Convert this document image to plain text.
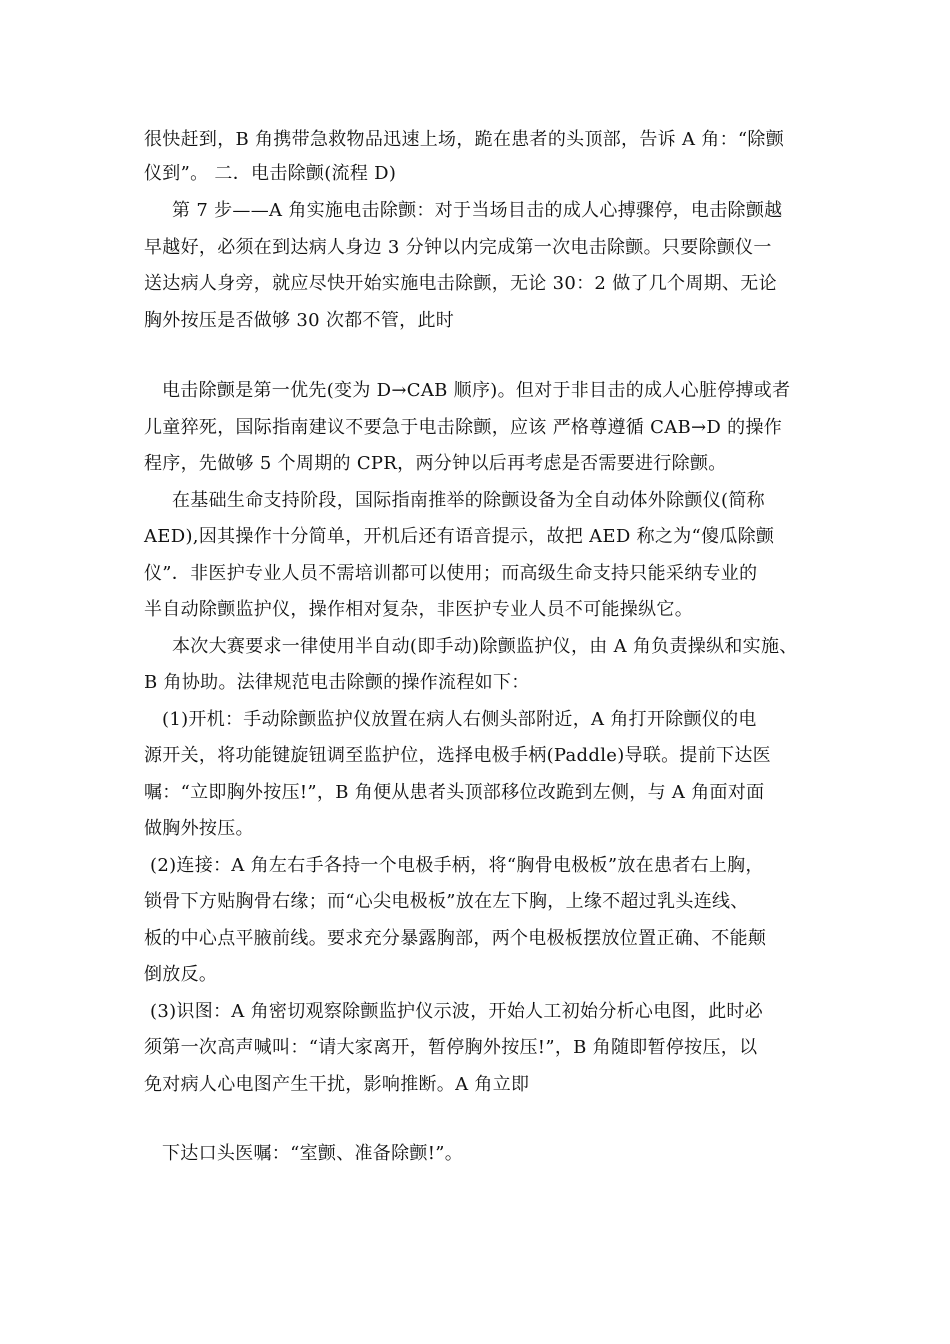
很快赶到，B 角携带急救物品迅速上场，跪在患者的头顶部，告诉 A 角：“除颤
仪到”。 二．电击除颤(流程 D)
第 7 步——A 角实施电击除颤：对于当场目击的成人心搏骤停，电击除颤越
早越好，必须在到达病人身边 3 分钟以内完成第一次电击除颤。只要除颤仪一
送达病人身旁，就应尽快开始实施电击除颤，无论 30：2 做了几个周期、无论
胸外按压是否做够 30 次都不管，此时
电击除颤是第一优先(变为 D→CAB 顺序)。但对于非目击的成人心脏停搏或者
儿童猝死，国际指南建议不要急于电击除颤，应该 严格尊遵循 CAB→D 的操作
程序，先做够 5 个周期的 CPR，两分钟以后再考虑是否需要进行除颤。
在基础生命支持阶段，国际指南推举的除颤设备为全自动体外除颤仪(简称
AED),因其操作十分简单，开机后还有语音提示，故把 AED 称之为“傻瓜除颤
仪”．非医护专业人员不需培训都可以使用；而高级生命支持只能采纳专业的
半自动除颤监护仪，操作相对复杂，非医护专业人员不可能操纵它。
本次大赛要求一律使用半自动(即手动)除颤监护仪，由 A 角负责操纵和实施、
B 角协助。法律规范电击除颤的操作流程如下：
(1)开机：手动除颤监护仪放置在病人右侧头部附近，A 角打开除颤仪的电
源开关，将功能键旋钮调至监护位，选择电极手柄(Paddle)导联。提前下达医
嘱：“立即胸外按压!”，B 角便从患者头顶部移位改跪到左侧，与 A 角面对面
做胸外按压。
(2)连接：A 角左右手各持一个电极手柄，将“胸骨电极板”放在患者右上胸，
锁骨下方贴胸骨右缘；而“心尖电极板”放在左下胸，上缘不超过乳头连线、
板的中心点平腋前线。要求充分暴露胸部，两个电极板摆放位置正确、不能颠
倒放反。
(3)识图：A 角密切观察除颤监护仪示波，开始人工初始分析心电图，此时必
须第一次高声喊叫：“请大家离开，暂停胸外按压!”，B 角随即暂停按压，以
免对病人心电图产生干扰，影响推断。A 角立即
下达口头医嘱：“室颤、准备除颤!”。
